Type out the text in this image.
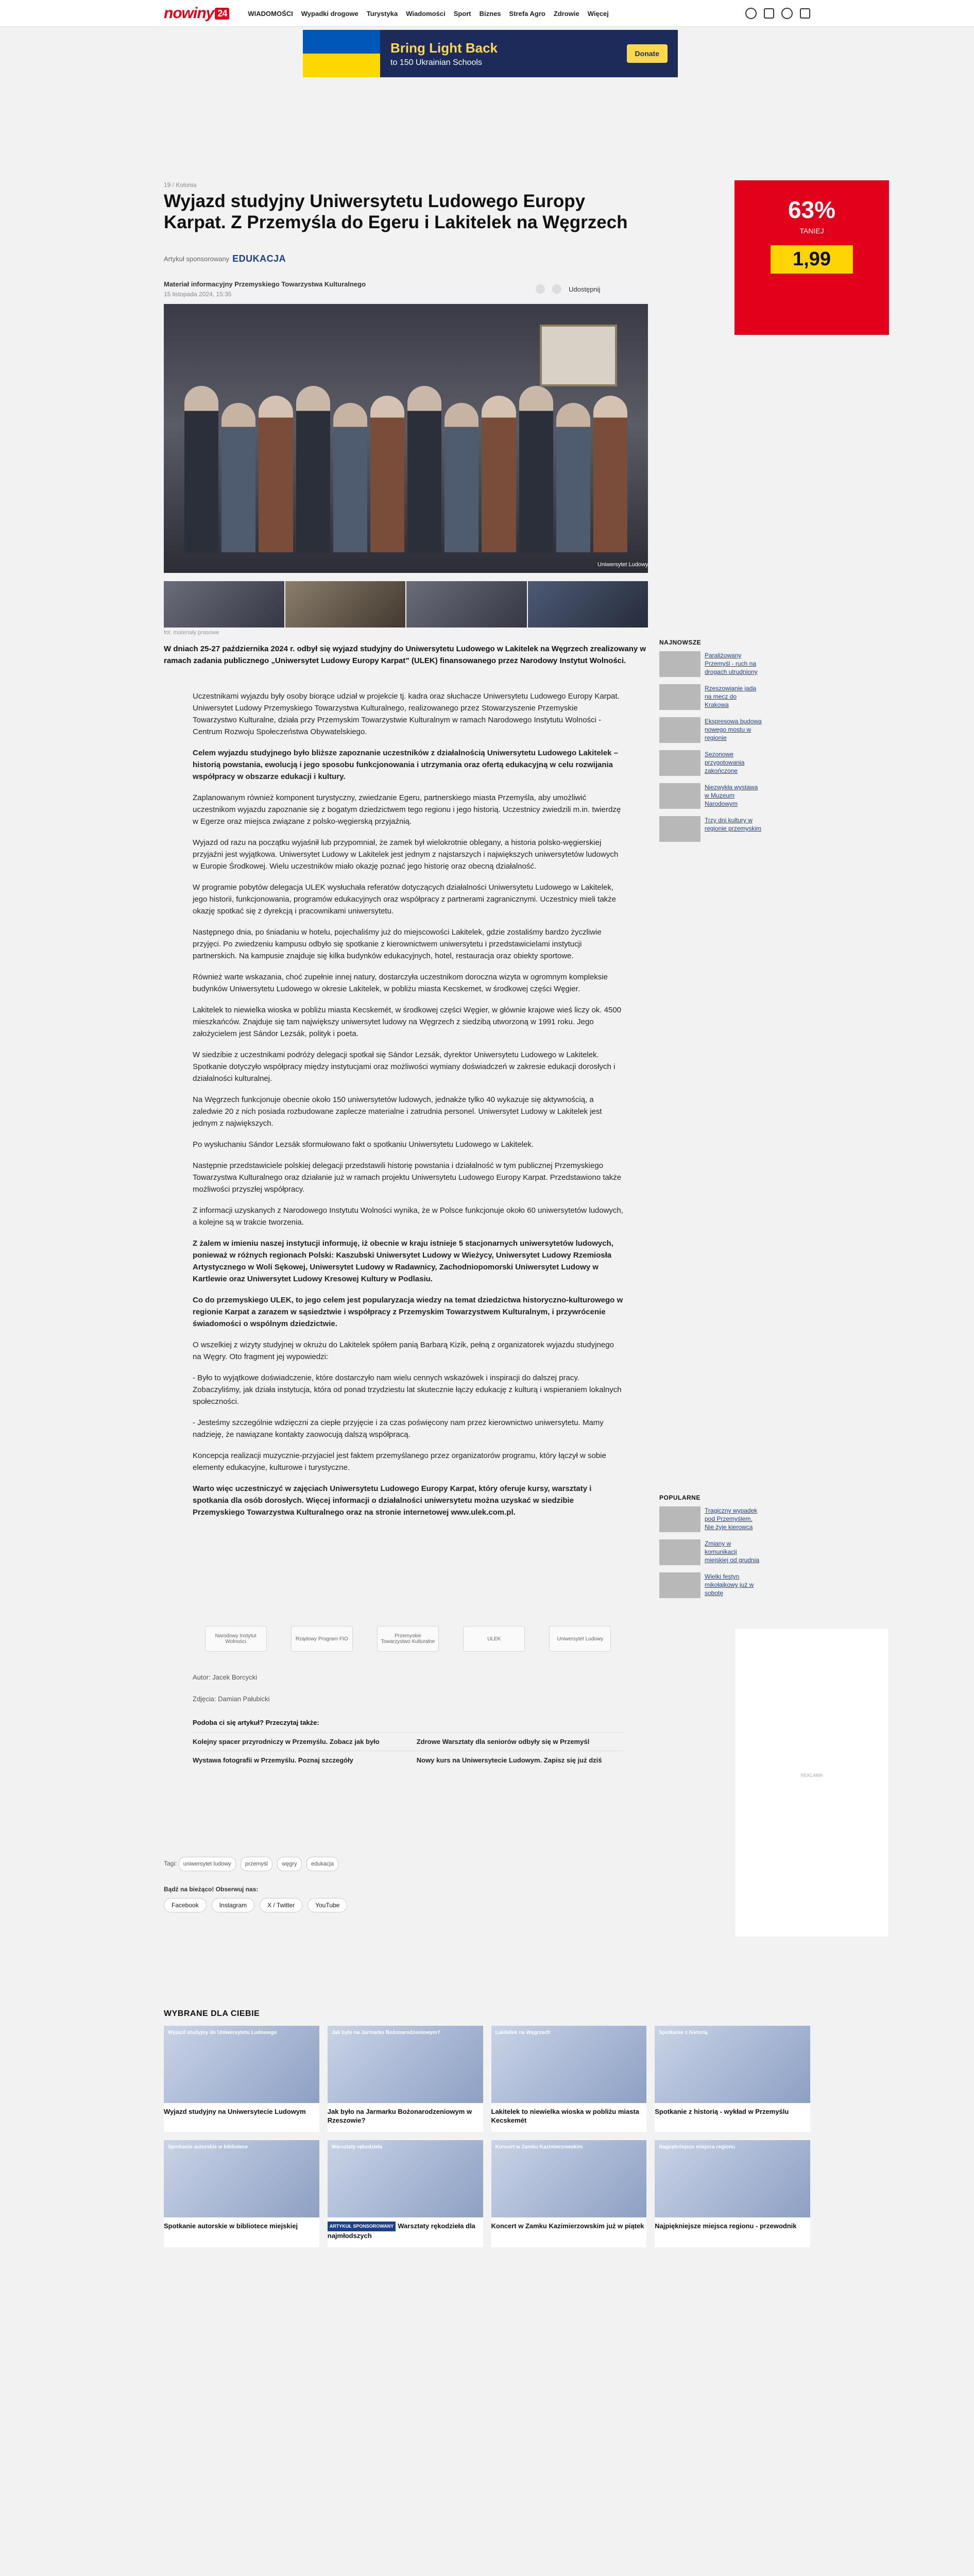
nowiny 24	WIADOMOŚCI Wypadki drogowe Turystyka Wiadomości Sport Biznes Strefa Agro Zdrowie Więcej
Bring Light Back
to 150 Ukrainian Schools
Donate
19 / Kolonia
Wyjazd studyjny Uniwersytetu Ludowego Europy Karpat. Z Przemyśla do Egeru i Lakitelek na Węgrzech
Artykuł sponsorowany EDUKACJA
Materiał informacyjny Przemyskiego Towarzystwa Kulturalnego
15 listopada 2024, 15:35
Udostępnij
Uniwersytet Ludowy
fot. materiały prasowe

W dniach 25-27 października 2024 r. odbył się wyjazd studyjny do Uniwersytetu Ludowego w Lakitelek na Węgrzech zrealizowany w ramach zadania publicznego „Uniwersytet Ludowy Europy Karpat” (ULEK) finansowanego przez Narodowy Instytut Wolności.

Uczestnikami wyjazdu były osoby biorące udział w projekcie tj. kadra oraz słuchacze Uniwersytetu Ludowego Europy Karpat. Uniwersytet Ludowy Przemyskiego Towarzystwa Kulturalnego, realizowanego przez Stowarzyszenie Przemyskie Towarzystwo Kulturalne, działa przy Przemyskim Towarzystwie Kulturalnym w ramach Narodowego Instytutu Wolności - Centrum Rozwoju Społeczeństwa Obywatelskiego.

Celem wyjazdu studyjnego było bliższe zapoznanie uczestników z działalnością Uniwersytetu Ludowego Lakitelek – historią powstania, ewolucją i jego sposobu funkcjonowania i utrzymania oraz ofertą edukacyjną w celu rozwijania współpracy w obszarze edukacji i kultury.

Zaplanowanym również komponent turystyczny, zwiedzanie Egeru, partnerskiego miasta Przemyśla, aby umożliwić uczestnikom wyjazdu zapoznanie się z bogatym dziedzictwem tego regionu i jego historią. Uczestnicy zwiedzili m.in. twierdzę w Egerze oraz miejsca związane z polsko-węgierską przyjaźnią.

Wyjazd od razu na początku wyjaśnił lub przypomniał, że zamek był wielokrotnie oblegany, a historia polsko-węgierskiej przyjaźni jest wyjątkowa. Uniwersytet Ludowy w Lakitelek jest jednym z najstarszych i największych uniwersytetów ludowych w Europie Środkowej. Wielu uczestników miało okazję poznać jego historię oraz obecną działalność.

W programie pobytów delegacja ULEK wysłuchała referatów dotyczących działalności Uniwersytetu Ludowego w Lakitelek, jego historii, funkcjonowania, programów edukacyjnych oraz współpracy z partnerami zagranicznymi. Uczestnicy mieli także okazję spotkać się z dyrekcją i pracownikami uniwersytetu.

Następnego dnia, po śniadaniu w hotelu, pojechaliśmy już do miejscowości Lakitelek, gdzie zostaliśmy bardzo życzliwie przyjęci. Po zwiedzeniu kampusu odbyło się spotkanie z kierownictwem uniwersytetu i przedstawicielami instytucji partnerskich. Na kampusie znajduje się kilka budynków edukacyjnych, hotel, restauracja oraz obiekty sportowe.

Również warte wskazania, choć zupełnie innej natury, dostarczyła uczestnikom doroczna wizyta w ogromnym kompleksie budynków Uniwersytetu Ludowego w okresie Lakitelek, w pobliżu miasta Kecskemet, w środkowej części Węgier.

Lakitelek to niewielka wioska w pobliżu miasta Kecskemét, w środkowej części Węgier, w głównie krajowe wieś liczy ok. 4500 mieszkańców. Znajduje się tam największy uniwersytet ludowy na Węgrzech z siedzibą utworzoną w 1991 roku. Jego założycielem jest Sándor Lezsák, polityk i poeta.

W siedzibie z uczestnikami podróży delegacji spotkał się Sándor Lezsák, dyrektor Uniwersytetu Ludowego w Lakitelek. Spotkanie dotyczyło współpracy między instytucjami oraz możliwości wymiany doświadczeń w zakresie edukacji dorosłych i działalności kulturalnej.

Na Węgrzech funkcjonuje obecnie około 150 uniwersytetów ludowych, jednakże tylko 40 wykazuje się aktywnością, a zaledwie 20 z nich posiada rozbudowane zaplecze materialne i zatrudnia personel. Uniwersytet Ludowy w Lakitelek jest jednym z największych.

Po wysłuchaniu Sándor Lezsák sformułowano fakt o spotkaniu Uniwersytetu Ludowego w Lakitelek.

Następnie przedstawiciele polskiej delegacji przedstawili historię powstania i działalność w tym publicznej Przemyskiego Towarzystwa Kulturalnego oraz działanie już w ramach projektu Uniwersytetu Ludowego Europy Karpat. Przedstawiono także możliwości przyszłej współpracy.

Z informacji uzyskanych z Narodowego Instytutu Wolności wynika, że w Polsce funkcjonuje około 60 uniwersytetów ludowych, a kolejne są w trakcie tworzenia.

Z żalem w imieniu naszej instytucji informuję, iż obecnie w kraju istnieje 5 stacjonarnych uniwersytetów ludowych, ponieważ w różnych regionach Polski: Kaszubski Uniwersytet Ludowy w Wieżycy, Uniwersytet Ludowy Rzemiosła Artystycznego w Woli Sękowej, Uniwersytet Ludowy w Radawnicy, Zachodniopomorski Uniwersytet Ludowy w Kartlewie oraz Uniwersytet Ludowy Kresowej Kultury w Podlasiu.

Co do przemyskiego ULEK, to jego celem jest popularyzacja wiedzy na temat dziedzictwa historyczno-kulturowego w regionie Karpat a zarazem w sąsiedztwie i współpracy z Przemyskim Towarzystwem Kulturalnym, i przywrócenie świadomości o wspólnym dziedzictwie.

O wszelkiej z wizyty studyjnej w okrużu do Lakitelek spółem panią Barbarą Kizik, pełną z organizatorek wyjazdu studyjnego na Węgry. Oto fragment jej wypowiedzi:

- Było to wyjątkowe doświadczenie, które dostarczyło nam wielu cennych wskazówek i inspiracji do dalszej pracy. Zobaczyliśmy, jak działa instytucja, która od ponad trzydziestu lat skutecznie łączy edukację z kulturą i wspieraniem lokalnych społeczności.

- Jesteśmy szczególnie wdzięczni za ciepłe przyjęcie i za czas poświęcony nam przez kierownictwo uniwersytetu. Mamy nadzieję, że nawiązane kontakty zaowocują dalszą współpracą.

Koncepcja realizacji muzycznie-przyjaciel jest faktem przemyślanego przez organizatorów programu, który łączył w sobie elementy edukacyjne, kulturowe i turystyczne.

Warto więc uczestniczyć w zajęciach Uniwersytetu Ludowego Europy Karpat, który oferuje kursy, warsztaty i spotkania dla osób dorosłych. Więcej informacji o działalności uniwersytetu można uzyskać w siedzibie Przemyskiego Towarzystwa Kulturalnego oraz na stronie internetowej www.ulek.com.pl.

Narodowy Instytut Wolności	Rządowy Program FIO	Przemyskie Towarzystwo Kulturalne	ULEK	Uniwersytet Ludowy
Autor: Jacek Borcycki
Zdjęcia: Damian Pałubicki
Podoba ci się artykuł? Przeczytaj także:
Kolejny spacer przyrodniczy w Przemyślu. Zobacz jak było	Zdrowe Warsztaty dla seniorów odbyły się w Przemyśl
Wystawa fotografii w Przemyślu. Poznaj szczegóły	Nowy kurs na Uniwersytecie Ludowym. Zapisz się już dziś
Tagi: uniwersytet ludowy przemyśl węgry edukacja
Bądź na bieżąco! Obserwuj nas:
Facebook	Instagram	X / Twitter	YouTube
63%
TANIEJ
1,99
NAJNOWSZE
Paraliżowany Przemyśl - ruch na drogach utrudniony
Rzeszowianie jadą na mecz do Krakowa
Ekspresowa budowa nowego mostu w regionie
Sezonowe przygotowania zakończone
Niezwykła wystawa w Muzeum Narodowym
Trzy dni kultury w regionie przemyskim
POPULARNE
Tragiczny wypadek pod Przemyślem. Nie żyje kierowca
Zmiany w komunikacji miejskiej od grudnia
Wielki festyn mikołajkowy już w sobotę
REKLAMA
WYBRANE DLA CIEBIE
Wyjazd studyjny do Uniwersytetu Ludowego
Wyjazd studyjny na Uniwersytecie Ludowym
Jak było na Jarmarku Bożonarodzeniowym?
Jak było na Jarmarku Bożonarodzeniowym w Rzeszowie?
Lakitelek na Węgrzech
Lakitelek to niewielka wioska w pobliżu miasta Kecskemét
Spotkanie z historią
Spotkanie z historią - wykład w Przemyślu
Spotkanie autorskie w bibliotece
Spotkanie autorskie w bibliotece miejskiej
Warsztaty rękodzieła
ARTYKUŁ SPONSOROWANY Warsztaty rękodzieła dla najmłodszych
Koncert w Zamku Kazimierzowskim
Koncert w Zamku Kazimierzowskim już w piątek
Najpiękniejsze miejsca regionu
Najpiękniejsze miejsca regionu - przewodnik
